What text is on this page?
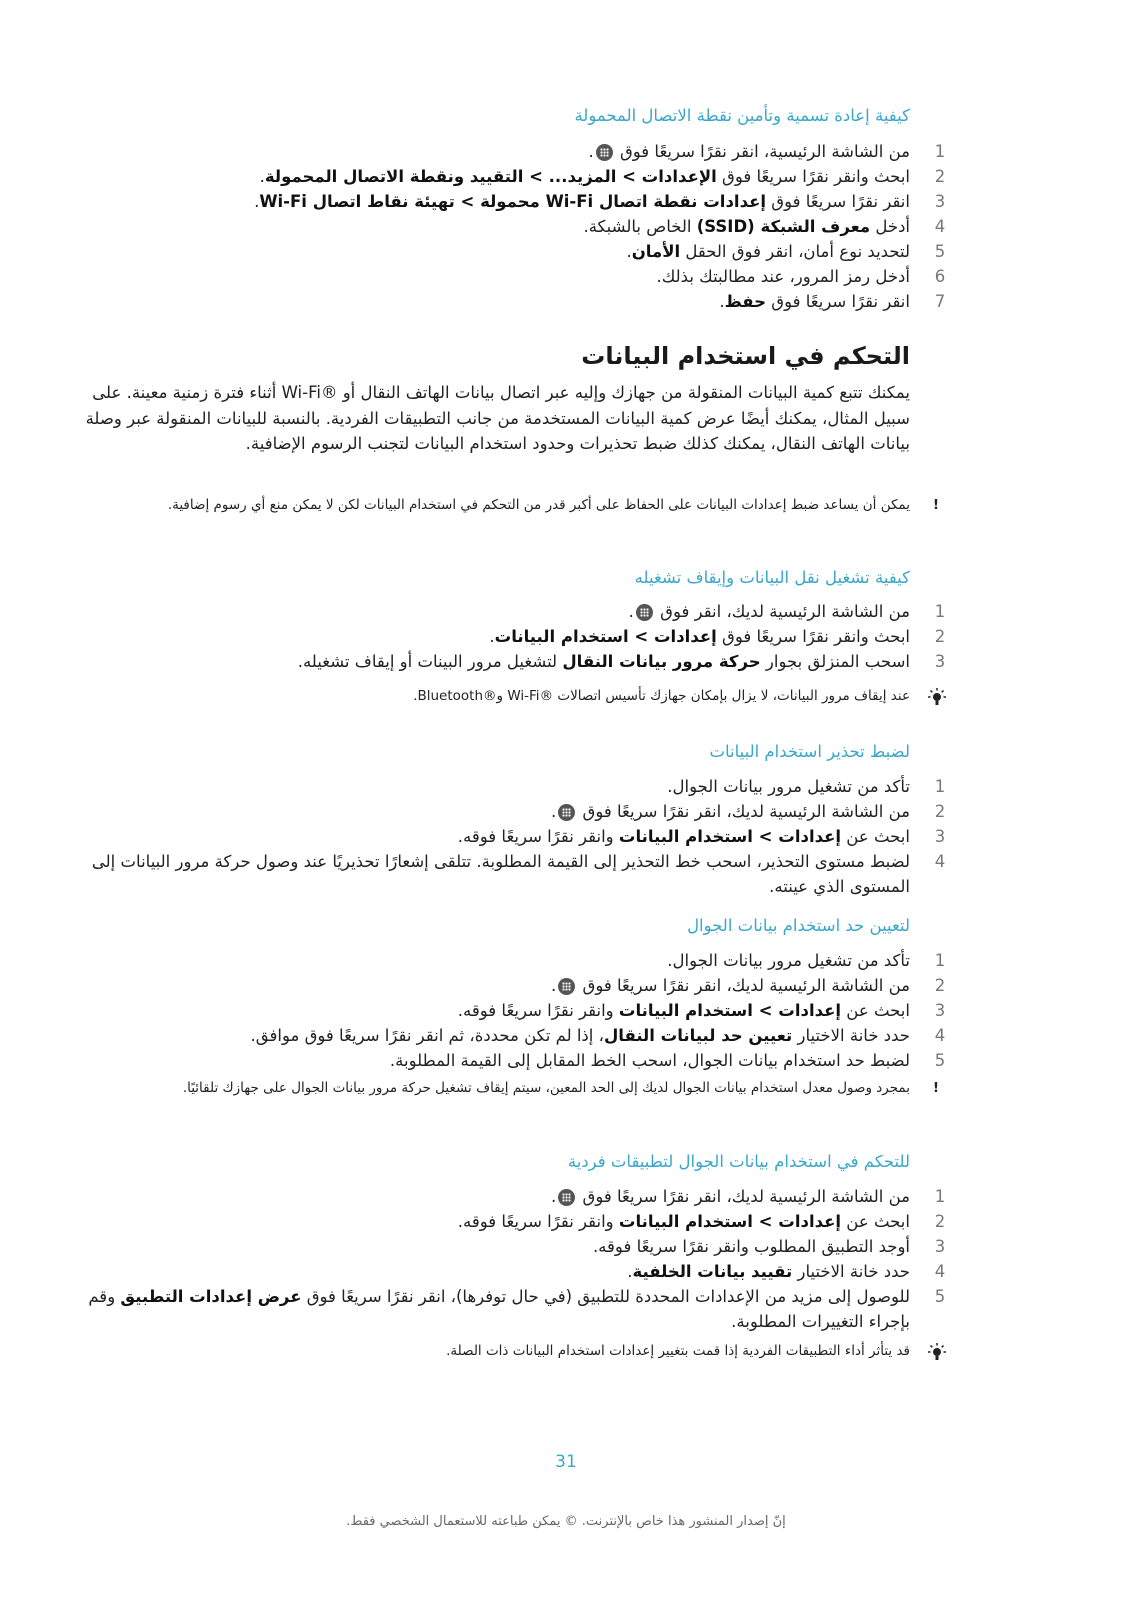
كيفية إعادة تسمية وتأمين نقطة الاتصال المحمولة
1
من الشاشة الرئيسية، انقر نقرًا سريعًا فوق .
2
ابحث وانقر نقرًا سريعًا فوق الإعدادات > المزيد... > التقييد ونقطة الاتصال المحمولة.
3
انقر نقرًا سريعًا فوق إعدادات نقطة اتصال Wi-Fi محمولة > تهيئة نقاط اتصال Wi-Fi.
4
أدخل معرف الشبكة (SSID) الخاص بالشبكة.
5
لتحديد نوع أمان، انقر فوق الحقل الأمان.
6
أدخل رمز المرور، عند مطالبتك بذلك.
7
انقر نقرًا سريعًا فوق حفظ.
التحكم في استخدام البيانات
يمكنك تتبع كمية البيانات المنقولة من جهازك وإليه عبر اتصال بيانات الهاتف النقال أو ®Wi-Fi أثناء فترة زمنية معينة. على سبيل المثال، يمكنك أيضًا عرض كمية البيانات المستخدمة من جانب التطبيقات الفردية. بالنسبة للبيانات المنقولة عبر وصلة بيانات الهاتف النقال، يمكنك كذلك ضبط تحذيرات وحدود استخدام البيانات لتجنب الرسوم الإضافية.
!
يمكن أن يساعد ضبط إعدادات البيانات على الحفاظ على أكبر قدر من التحكم في استخدام البيانات لكن لا يمكن منع أي رسوم إضافية.
كيفية تشغيل نقل البيانات وإيقاف تشغيله
1
من الشاشة الرئيسية لديك، انقر فوق .
2
ابحث وانقر نقرًا سريعًا فوق إعدادات > استخدام البيانات.
3
اسحب المنزلق بجوار حركة مرور بيانات النقال لتشغيل مرور البينات أو إيقاف تشغيله.
عند إيقاف مرور البيانات، لا يزال بإمكان جهازك تأسيس اتصالات ®Wi-Fi و®Bluetooth.
لضبط تحذير استخدام البيانات
1
تأكد من تشغيل مرور بيانات الجوال.
2
من الشاشة الرئيسية لديك، انقر نقرًا سريعًا فوق .
3
ابحث عن إعدادات > استخدام البيانات وانقر نقرًا سريعًا فوقه.
4
لضبط مستوى التحذير، اسحب خط التحذير إلى القيمة المطلوبة. تتلقى إشعارًا تحذيريًا عند وصول حركة مرور البيانات إلى المستوى الذي عينته.
لتعيين حد استخدام بيانات الجوال
1
تأكد من تشغيل مرور بيانات الجوال.
2
من الشاشة الرئيسية لديك، انقر نقرًا سريعًا فوق .
3
ابحث عن إعدادات > استخدام البيانات وانقر نقرًا سريعًا فوقه.
4
حدد خانة الاختيار تعيين حد لبيانات النقال، إذا لم تكن محددة، ثم انقر نقرًا سريعًا فوق موافق.
5
لضبط حد استخدام بيانات الجوال، اسحب الخط المقابل إلى القيمة المطلوبة.
!
بمجرد وصول معدل استخدام بيانات الجوال لديك إلى الحد المعين، سيتم إيقاف تشغيل حركة مرور بيانات الجوال على جهازك تلقائيًا.
للتحكم في استخدام بيانات الجوال لتطبيقات فردية
1
من الشاشة الرئيسية لديك، انقر نقرًا سريعًا فوق .
2
ابحث عن إعدادات > استخدام البيانات وانقر نقرًا سريعًا فوقه.
3
أوجد التطبيق المطلوب وانقر نقرًا سريعًا فوقه.
4
حدد خانة الاختيار تقييد بيانات الخلفية.
5
للوصول إلى مزيد من الإعدادات المحددة للتطبيق (في حال توفرها)، انقر نقرًا سريعًا فوق عرض إعدادات التطبيق وقم بإجراء التغييرات المطلوبة.
قد يتأثر أداء التطبيقات الفردية إذا قمت بتغيير إعدادات استخدام البيانات ذات الصلة.
31
إنّ إصدار المنشور هذا خاص بالإنترنت. © يمكن طباعته للاستعمال الشخصي فقط.
